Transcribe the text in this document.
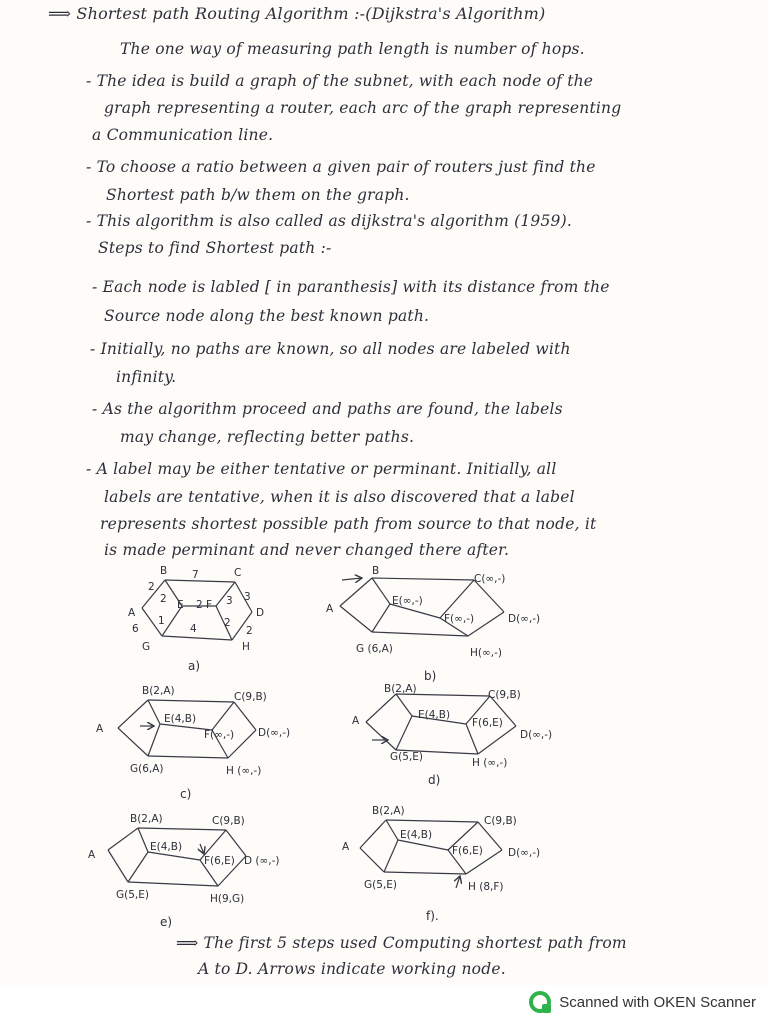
⟹ Shortest path Routing Algorithm :-(Dijkstra's Algorithm)
The one way of measuring path length is number of hops.
- The idea is build a graph of the subnet, with each node of the
graph representing a router, each arc of the graph representing
a Communication line.
- To choose a ratio between a given pair of routers just find the
Shortest path b/w them on the graph.
- This algorithm is also called as dijkstra's algorithm (1959).
Steps to find Shortest path :-
- Each node is labled [ in paranthesis] with its distance from the
Source node along the best known path.
- Initially, no paths are known, so all nodes are labeled with
infinity.
- As the algorithm proceed and paths are found, the labels
may change, reflecting better paths.
- A label may be either tentative or perminant. Initially, all
labels are tentative, when it is also discovered that a label
represents shortest possible path from source to that node, it
is made perminant and never changed there after.
A
B	C
D
E F
G	H
2
6
7
2	2
1
4
3
2
3
2
a)
A
B
C(∞,-)
D(∞,-)
E(∞,-)
F(∞,-)
G (6,A)	H(∞,-)
b)
A
B(2,A)	C(9,B)
D(∞,-)
E(4,B)
F(∞,-)
G(6,A)	H (∞,-)
c)
A
B(2,A)	C(9,B)
D(∞,-)
E(4,B)
F(6,E)
G(5,E)	H (∞,-)
d)
A
B(2,A)	C(9,B)
D (∞,-)
E(4,B)
F(6,E)
G(5,E)	H(9,G)
e)
A
B(2,A)
C(9,B)
D(∞,-)
E(4,B)
F(6,E)
G(5,E)	H (8,F)
f).
⟹ The first 5 steps used Computing shortest path from
A to D. Arrows indicate working node.
Scanned with OKEN Scanner
